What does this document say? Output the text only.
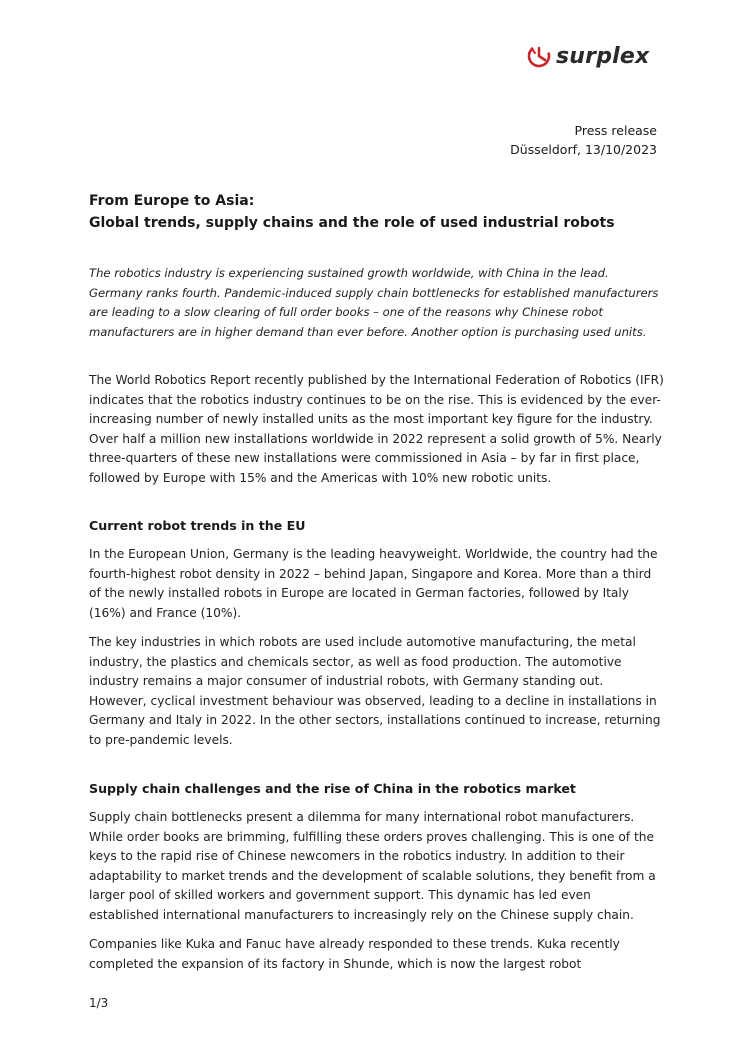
surplex
Press release
Düsseldorf, 13/10/2023
From Europe to Asia:
Global trends, supply chains and the role of used industrial robots

The robotics industry is experiencing sustained growth worldwide, with China in the lead. Germany ranks fourth. Pandemic-induced supply chain bottlenecks for established manufacturers are leading to a slow clearing of full order books – one of the reasons why Chinese robot manufacturers are in higher demand than ever before. Another option is purchasing used units.

The World Robotics Report recently published by the International Federation of Robotics (IFR) indicates that the robotics industry continues to be on the rise. This is evidenced by the ever-increasing number of newly installed units as the most important key figure for the industry. Over half a million new installations worldwide in 2022 represent a solid growth of 5%. Nearly three-quarters of these new installations were commissioned in Asia – by far in first place, followed by Europe with 15% and the Americas with 10% new robotic units.

Current robot trends in the EU

In the European Union, Germany is the leading heavyweight. Worldwide, the country had the fourth-highest robot density in 2022 – behind Japan, Singapore and Korea. More than a third of the newly installed robots in Europe are located in German factories, followed by Italy (16%) and France (10%).

The key industries in which robots are used include automotive manufacturing, the metal industry, the plastics and chemicals sector, as well as food production. The automotive industry remains a major consumer of industrial robots, with Germany standing out. However, cyclical investment behaviour was observed, leading to a decline in installations in Germany and Italy in 2022. In the other sectors, installations continued to increase, returning to pre-pandemic levels.

Supply chain challenges and the rise of China in the robotics market

Supply chain bottlenecks present a dilemma for many international robot manufacturers. While order books are brimming, fulfilling these orders proves challenging. This is one of the keys to the rapid rise of Chinese newcomers in the robotics industry. In addition to their adaptability to market trends and the development of scalable solutions, they benefit from a larger pool of skilled workers and government support. This dynamic has led even established international manufacturers to increasingly rely on the Chinese supply chain.

Companies like Kuka and Fanuc have already responded to these trends. Kuka recently completed the expansion of its factory in Shunde, which is now the largest robot

1/3
